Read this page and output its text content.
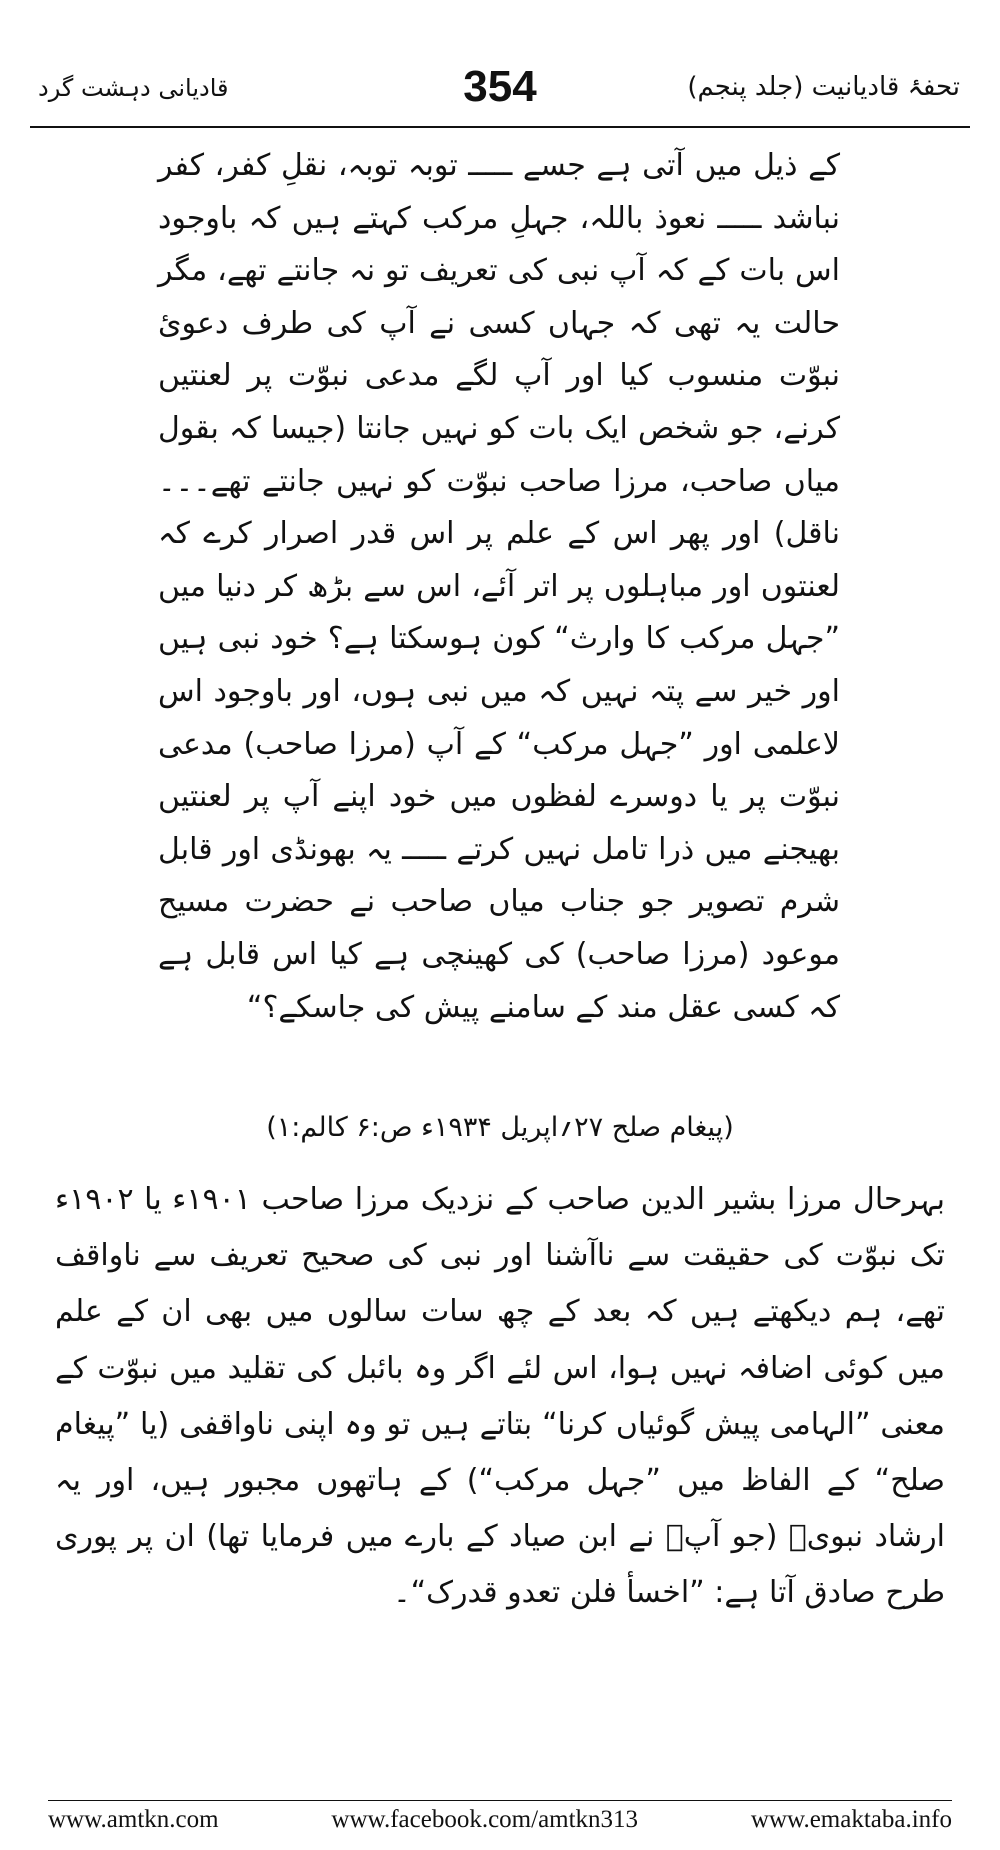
تحفۂ قادیانیت (جلد پنجم)
354
قادیانی دہشت گرد

کے ذیل میں آتی ہے جسے ـــــ توبہ توبہ، نقلِ کفر، کفر نباشد ـــــ نعوذ باللہ، جہلِ مرکب کہتے ہیں کہ باوجود اس بات کے کہ آپ نبی کی تعریف تو نہ جانتے تھے، مگر حالت یہ تھی کہ جہاں کسی نے آپ کی طرف دعویٔ نبوّت منسوب کیا اور آپ لگے مدعی نبوّت پر لعنتیں کرنے، جو شخص ایک بات کو نہیں جانتا (جیسا کہ بقول میاں صاحب، مرزا صاحب نبوّت کو نہیں جانتے تھے۔۔۔ ناقل) اور پھر اس کے علم پر اس قدر اصرار کرے کہ لعنتوں اور مباہلوں پر اتر آئے، اس سے بڑھ کر دنیا میں ”جہل مرکب کا وارث“ کون ہوسکتا ہے؟ خود نبی ہیں اور خیر سے پتہ نہیں کہ میں نبی ہوں، اور باوجود اس لاعلمی اور ”جہل مرکب“ کے آپ (مرزا صاحب) مدعی نبوّت پر یا دوسرے لفظوں میں خود اپنے آپ پر لعنتیں بھیجنے میں ذرا تامل نہیں کرتے ـــــ یہ بھونڈی اور قابل شرم تصویر جو جناب میاں صاحب نے حضرت مسیح موعود (مرزا صاحب) کی کھینچی ہے کیا اس قابل ہے کہ کسی عقل مند کے سامنے پیش کی جاسکے؟“

(پیغام صلح ۲۷؍اپریل ۱۹۳۴ء ص:۶ کالم:۱)

بہرحال مرزا بشیر الدین صاحب کے نزدیک مرزا صاحب ۱۹۰۱ء یا ۱۹۰۲ء تک نبوّت کی حقیقت سے ناآشنا اور نبی کی صحیح تعریف سے ناواقف تھے، ہم دیکھتے ہیں کہ بعد کے چھ سات سالوں میں بھی ان کے علم میں کوئی اضافہ نہیں ہوا، اس لئے اگر وہ بائبل کی تقلید میں نبوّت کے معنی ”الہامی پیش گوئیاں کرنا“ بتاتے ہیں تو وہ اپنی ناواقفی (یا ”پیغام صلح“ کے الفاظ میں ”جہل مرکب“) کے ہاتھوں مجبور ہیں، اور یہ ارشاد نبویؐ (جو آپؐ نے ابن صیاد کے بارے میں فرمایا تھا) ان پر پوری طرح صادق آتا ہے: ”اخسأ فلن تعدو قدرک“۔

www.amtkn.com	www.facebook.com/amtkn313	www.emaktaba.info
